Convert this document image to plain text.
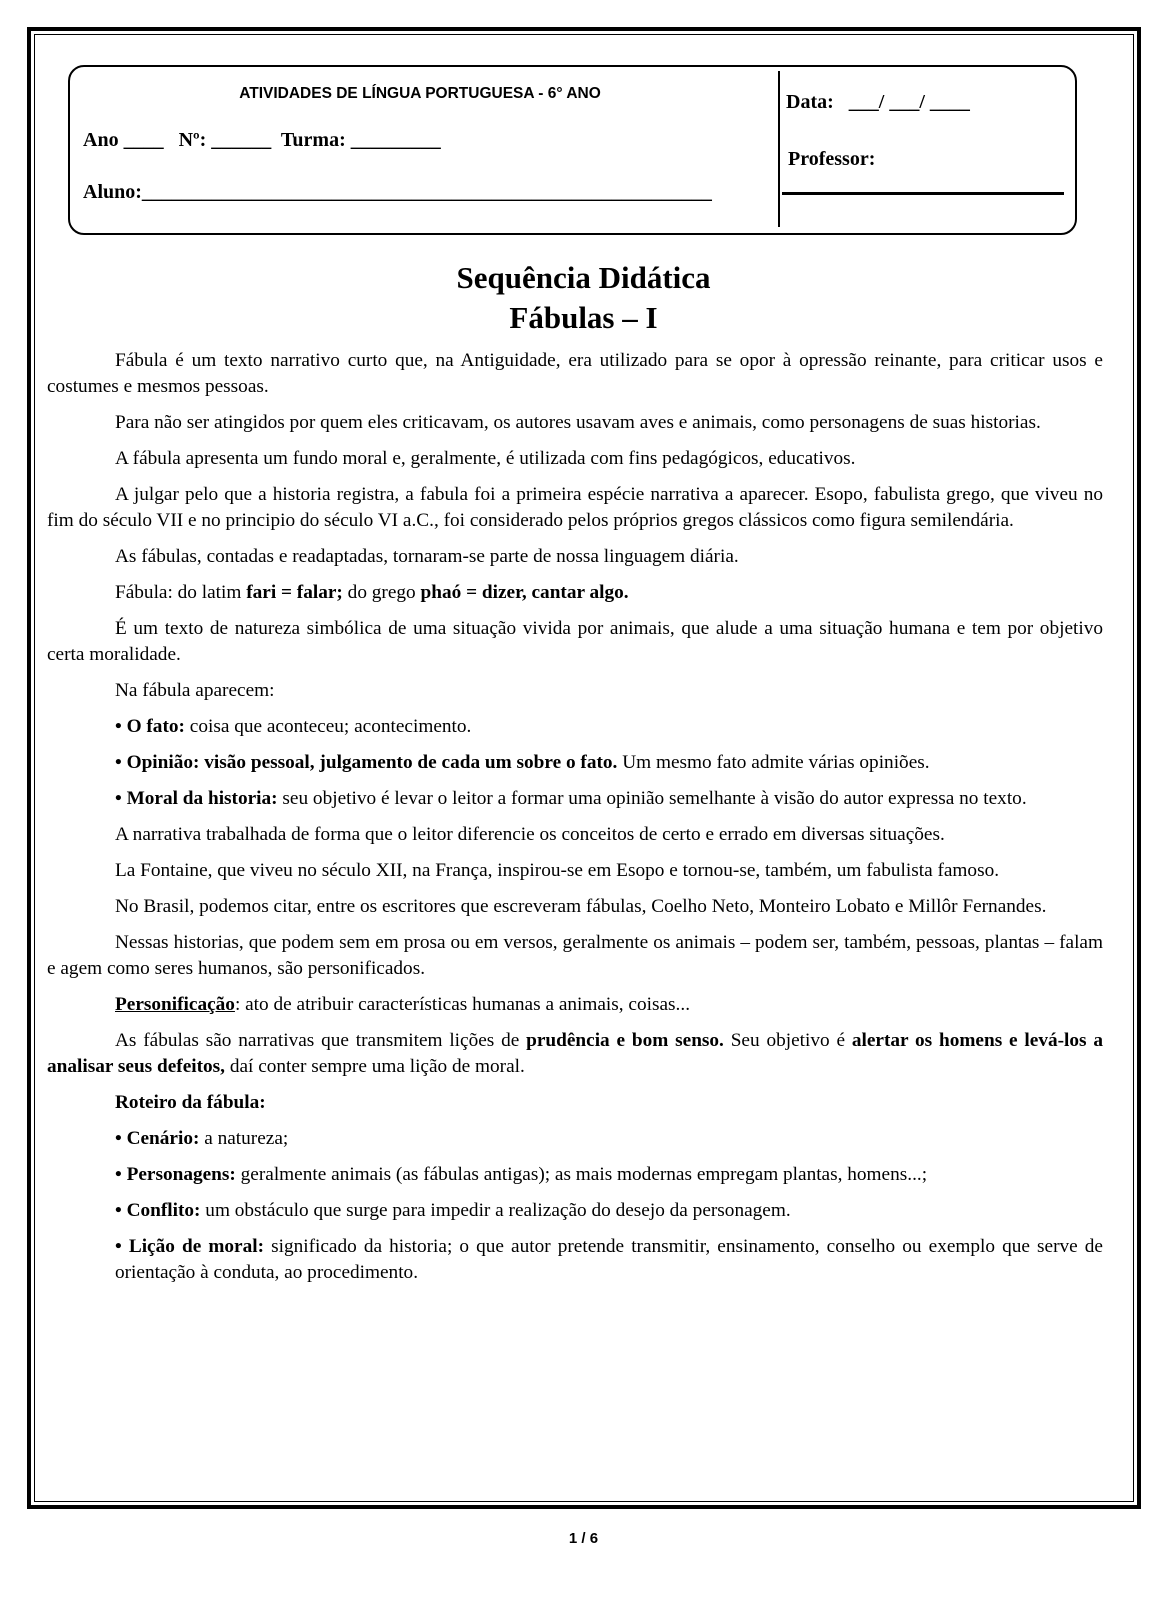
ATIVIDADES DE LÍNGUA PORTUGUESA - 6° ANO
Ano ____   Nº: ______  Turma: _________
Aluno:_________________________________________________________
Data:   ___/ ___/ ____
Professor:
Sequência Didática
Fábulas – I

Fábula é um texto narrativo curto que, na Antiguidade, era utilizado para se opor à opressão reinante, para criticar usos e costumes e mesmos pessoas.

Para não ser atingidos por quem eles criticavam, os autores usavam aves e animais, como personagens de suas historias.

A fábula apresenta um fundo moral e, geralmente, é utilizada com fins pedagógicos, educativos.

A julgar pelo que a historia registra, a fabula foi a primeira espécie narrativa a aparecer. Esopo, fabulista grego, que viveu no fim do século VII e no principio do século VI a.C., foi considerado pelos próprios gregos clássicos como figura semilendária.

As fábulas, contadas e readaptadas, tornaram-se parte de nossa linguagem diária.

Fábula: do latim fari = falar; do grego phaó = dizer, cantar algo.

É um texto de natureza simbólica de uma situação vivida por animais, que alude a uma situação humana e tem por objetivo certa moralidade.

Na fábula aparecem:

• O fato: coisa que aconteceu; acontecimento.

• Opinião: visão pessoal, julgamento de cada um sobre o fato. Um mesmo fato admite várias opiniões.

• Moral da historia: seu objetivo é levar o leitor a formar uma opinião semelhante à visão do autor expressa no texto.

A narrativa trabalhada de forma que o leitor diferencie os conceitos de certo e errado em diversas situações.

La Fontaine, que viveu no século XII, na França, inspirou-se em Esopo e tornou-se, também, um fabulista famoso.

No Brasil, podemos citar, entre os escritores que escreveram fábulas, Coelho Neto, Monteiro Lobato e Millôr Fernandes.

Nessas historias, que podem sem em prosa ou em versos, geralmente os animais – podem ser, também, pessoas, plantas – falam e agem como seres humanos, são personificados.

Personificação: ato de atribuir características humanas a animais, coisas...

As fábulas são narrativas que transmitem lições de prudência e bom senso. Seu objetivo é alertar os homens e levá-los a analisar seus defeitos, daí conter sempre uma lição de moral.

Roteiro da fábula:

• Cenário: a natureza;

• Personagens: geralmente animais (as fábulas antigas); as mais modernas empregam plantas, homens...;

• Conflito: um obstáculo que surge para impedir a realização do desejo da personagem.

• Lição de moral: significado da historia; o que autor pretende transmitir, ensinamento, conselho ou exemplo que serve de orientação à conduta, ao procedimento.

1 / 6
